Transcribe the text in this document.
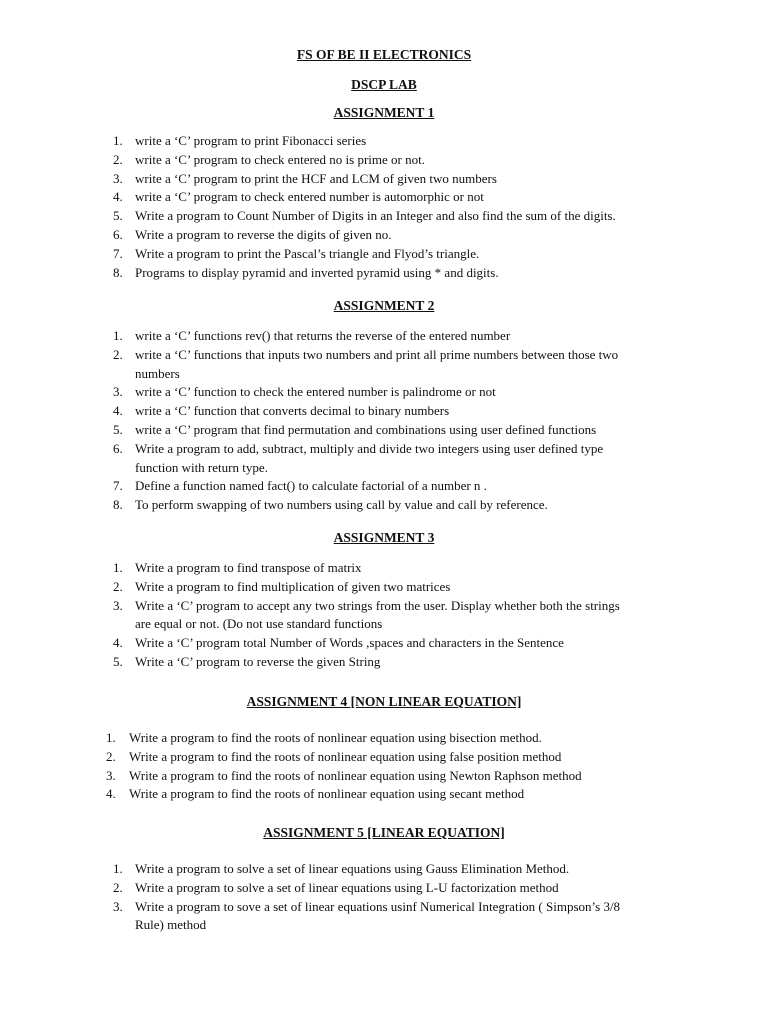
FS OF BE II ELECTRONICS
DSCP LAB
ASSIGNMENT 1
1. write a ‘C’ program to print Fibonacci series
2. write a ‘C’ program to check entered no is prime or not.
3. write a ‘C’ program to print the HCF and LCM of given two numbers
4. write a ‘C’ program to check entered number is automorphic or not
5. Write a program to Count Number of Digits in an Integer and also find the sum of the digits.
6. Write a program to reverse the digits of given no.
7. Write a program to print the Pascal’s triangle and Flyod’s triangle.
8. Programs to display pyramid and inverted pyramid using * and digits.
ASSIGNMENT 2
1. write a ‘C’ functions rev() that returns the reverse of the entered number
2. write a ‘C’ functions that inputs two numbers and print all prime numbers between those two
numbers
3. write a ‘C’ function to check the entered number is palindrome or not
4. write a ‘C’ function that converts decimal to binary numbers
5. write a ‘C’ program that find permutation and combinations using user defined functions
6. Write a program to add, subtract, multiply and divide two integers using user defined type
function with return type.
7. Define a function named fact() to calculate factorial of a number n .
8. To perform swapping of two numbers using call by value and call by reference.
ASSIGNMENT 3
1. Write a program to find transpose of matrix
2. Write a program to find multiplication of given two matrices
3. Write a ‘C’ program to accept any two strings from the user. Display whether both the strings
are equal or not. (Do not use standard functions
4. Write a ‘C’ program total Number of Words ,spaces and characters in the Sentence
5. Write a ‘C’ program to reverse the given String
ASSIGNMENT 4 [NON LINEAR EQUATION]
1. Write a program to find the roots of nonlinear equation using bisection method.
2. Write a program to find the roots of nonlinear equation using false position method
3. Write a program to find the roots of nonlinear equation using Newton Raphson method
4. Write a program to find the roots of nonlinear equation using secant method
ASSIGNMENT 5 [LINEAR EQUATION]
1. Write a program to solve a set of linear equations using Gauss Elimination Method.
2. Write a program to solve a set of linear equations using L-U factorization method
3. Write a program to sove a set of linear equations usinf Numerical Integration ( Simpson’s 3/8
Rule) method
